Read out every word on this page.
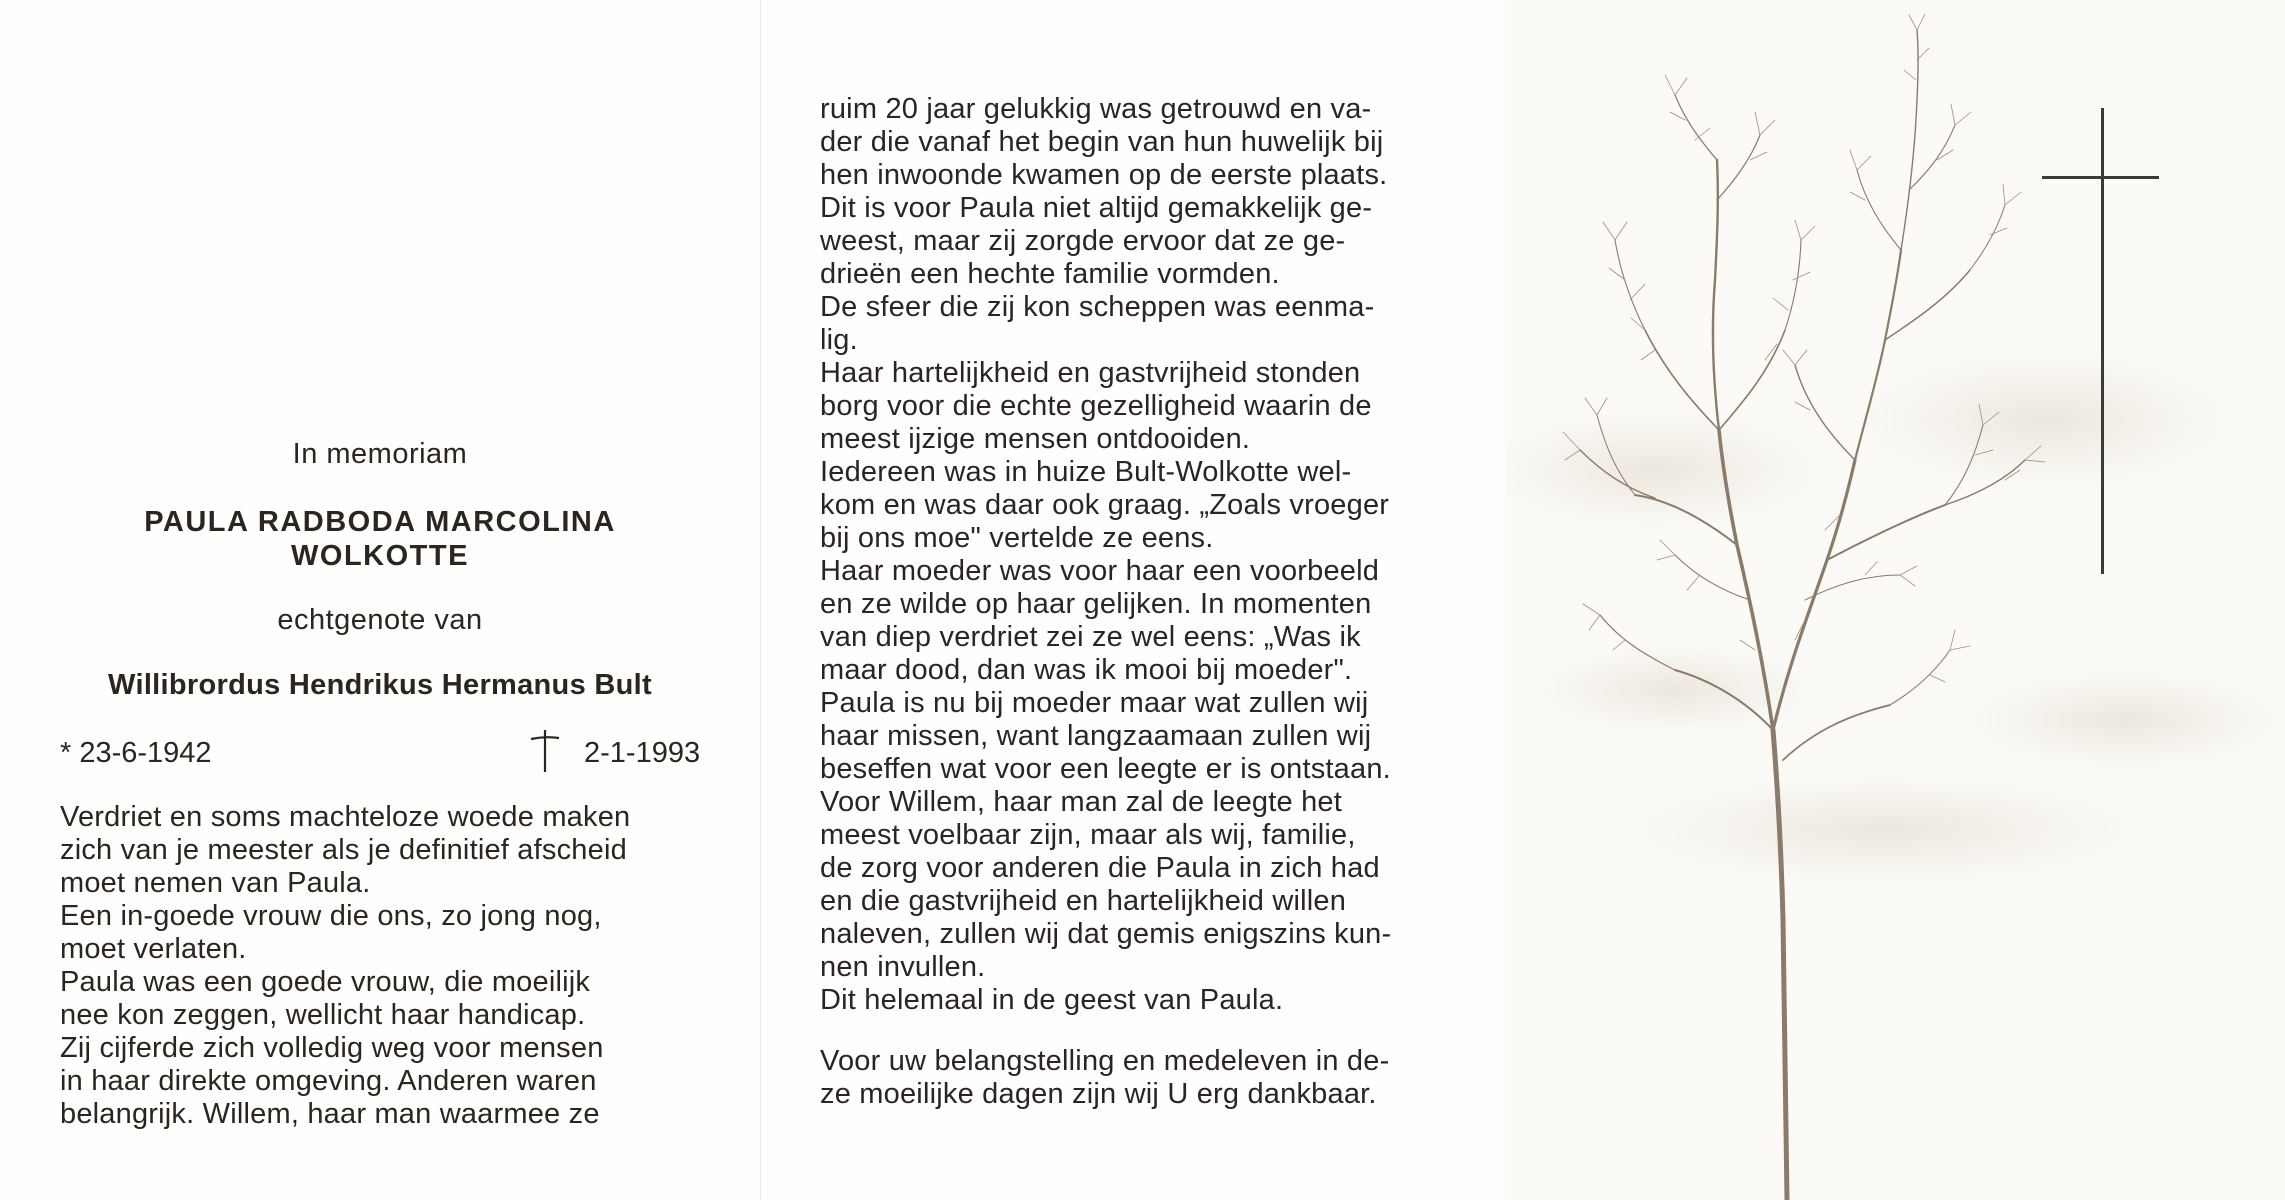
In memoriam
PAULA RADBODA MARCOLINA
WOLKOTTE
echtgenote van
Willibrordus Hendrikus Hermanus Bult
* 23-6-1942	2-1-1993
Verdriet en soms machteloze woede maken
zich van je meester als je definitief afscheid
moet nemen van Paula.
Een in-goede vrouw die ons, zo jong nog,
moet verlaten.
Paula was een goede vrouw, die moeilijk
nee kon zeggen, wellicht haar handicap.
Zij cijferde zich volledig weg voor mensen
in haar direkte omgeving. Anderen waren
belangrijk. Willem, haar man waarmee ze
ruim 20 jaar gelukkig was getrouwd en va-
der die vanaf het begin van hun huwelijk bij
hen inwoonde kwamen op de eerste plaats.
Dit is voor Paula niet altijd gemakkelijk ge-
weest, maar zij zorgde ervoor dat ze ge-
drieën een hechte familie vormden.
De sfeer die zij kon scheppen was eenma-
lig.
Haar hartelijkheid en gastvrijheid stonden
borg voor die echte gezelligheid waarin de
meest ijzige mensen ontdooiden.
Iedereen was in huize Bult-Wolkotte wel-
kom en was daar ook graag. „Zoals vroeger
bij ons moe" vertelde ze eens.
Haar moeder was voor haar een voorbeeld
en ze wilde op haar gelijken. In momenten
van diep verdriet zei ze wel eens: „Was ik
maar dood, dan was ik mooi bij moeder".
Paula is nu bij moeder maar wat zullen wij
haar missen, want langzaamaan zullen wij
beseffen wat voor een leegte er is ontstaan.
Voor Willem, haar man zal de leegte het
meest voelbaar zijn, maar als wij, familie,
de zorg voor anderen die Paula in zich had
en die gastvrijheid en hartelijkheid willen
naleven, zullen wij dat gemis enigszins kun-
nen invullen.
Dit helemaal in de geest van Paula.
Voor uw belangstelling en medeleven in de-
ze moeilijke dagen zijn wij U erg dankbaar.
